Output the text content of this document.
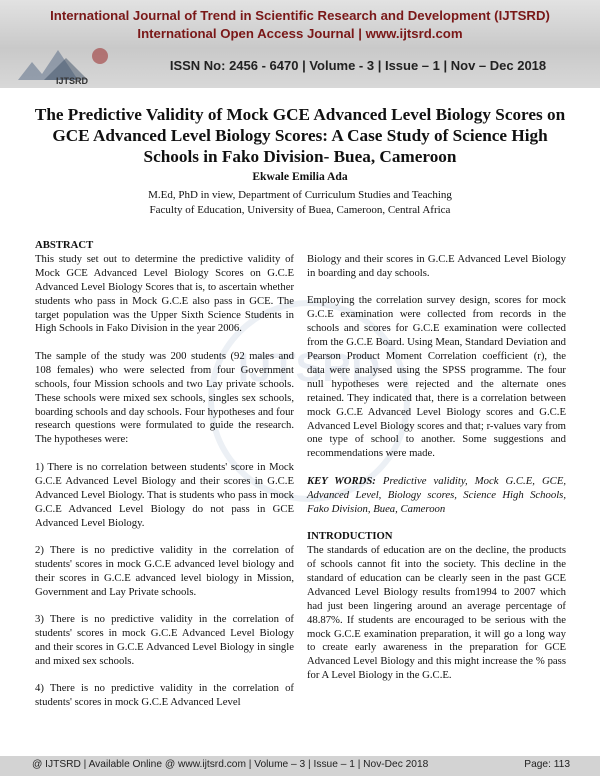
International Journal of Trend in Scientific Research and Development (IJTSRD)
International Open Access Journal | www.ijtsrd.com
IJTSRD
ISSN No: 2456 - 6470 | Volume - 3 | Issue – 1 | Nov – Dec 2018
The Predictive Validity of Mock GCE Advanced Level Biology Scores on GCE Advanced Level Biology Scores: A Case Study of Science High Schools in Fako Division- Buea, Cameroon
Ekwale Emilia Ada
M.Ed, PhD in view, Department of Curriculum Studies and Teaching
Faculty of Education, University of Buea, Cameroon, Central Africa
IJTSRD
ABSTRACT

This study set out to determine the predictive validity of Mock GCE Advanced Level Biology Scores on G.C.E Advanced Level Biology Scores that is, to ascertain whether students who pass in Mock G.C.E also pass in GCE. The target population was the Upper Sixth Science Students in High Schools in Fako Division in the year 2006.

The sample of the study was 200 students (92 males and 108 females) who were selected from four Government schools, four Mission schools and two Lay private schools. These schools were mixed sex schools, singles sex schools, boarding schools and day schools. Four hypotheses and four research questions were formulated to guide the research. The hypotheses were:

1) There is no correlation between students' score in Mock G.C.E Advanced Level Biology and their scores in G.C.E Advanced Level Biology. That is students who pass in mock G.C.E Advanced Level Biology do not pass in GCE Advanced Level Biology.

2) There is no predictive validity in the correlation of students' scores in mock G.C.E advanced level biology and their scores in G.C.E advanced level biology in Mission, Government and Lay Private schools.

3) There is no predictive validity in the correlation of students' scores in mock G.C.E Advanced Level Biology and their scores in G.C.E Advanced Level Biology in single and mixed sex schools.

4) There is no predictive validity in the correlation of students' scores in mock G.C.E Advanced Level

Biology and their scores in G.C.E Advanced Level Biology in boarding and day schools.

Employing the correlation survey design, scores for mock G.C.E examination were collected from records in the schools and scores for G.C.E examination were collected from the G.C.E Board. Using Mean, Standard Deviation and Pearson Product Moment Correlation coefficient (r), the data were analysed using the SPSS programme. The four null hypotheses were rejected and the alternate ones retained. They indicated that, there is a correlation between mock G.C.E Advanced Level Biology scores and G.C.E Advanced Level Biology scores and that; r-values vary from one type of school to another. Some suggestions and recommendations were made.

KEY WORDS: Predictive validity, Mock G.C.E, GCE, Advanced Level, Biology scores, Science High Schools, Fako Division, Buea, Cameroon

INTRODUCTION

The standards of education are on the decline, the products of schools cannot fit into the society. This decline in the standard of education can be clearly seen in the past GCE Advanced Level Biology results from1994 to 2007 which had just been lingering around an average percentage of 48.87%. If students are encouraged to be serious with the mock G.C.E examination preparation, it will go a long way to create early awareness in the preparation for GCE Advanced Level Biology and this might increase the % pass for A Level Biology in the G.C.E.

@ IJTSRD | Available Online @ www.ijtsrd.com | Volume – 3 | Issue – 1 | Nov-Dec 2018	Page: 113
